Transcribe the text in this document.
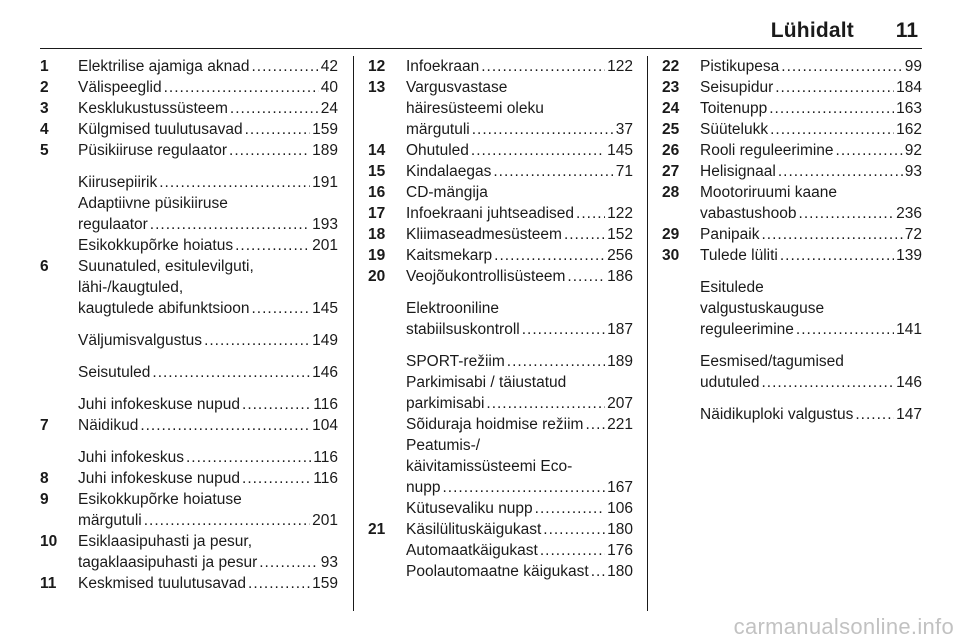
Lühidalt 11
1 Elektrilise ajamiga aknad .....	42
2 Välispeeglid .....	40
3 Kesklukustussüsteem .....	24
4 Külgmised tuulutusavad .....	159
5 Püsikiiruse regulaator .....	189
Kiirusepiirik .....	191
Adaptiivne püsikiiruse
regulaator .....	193
Esikokkupõrke hoiatus .....	201
6 Suunatuled, esitulevilguti,
lähi-/kaugtuled,
kaugtulede abifunktsioon .....	145
Väljumisvalgustus .....	149
Seisutuled .....	146
Juhi infokeskuse nupud .....	116
7 Näidikud .....	104
Juhi infokeskus .....	116
8 Juhi infokeskuse nupud .....	116
9 Esikokkupõrke hoiatuse
märgutuli .....	201
10 Esiklaasipuhasti ja pesur,
tagaklaasipuhasti ja pesur .....	93
11 Keskmised tuulutusavad .....	159
12 Infoekraan .....	122
13 Vargusvastase
häiresüsteemi oleku
märgutuli .....	37
14 Ohutuled .....	145
15 Kindalaegas .....	71
16 CD-mängija
17 Infoekraani juhtseadised ..... 122
18 Kliimaseadmesüsteem .....	152
19 Kaitsmekarp .....	256
20 Veojõukontrollisüsteem .....	186
Elektrooniline
stabiilsuskontroll .....	187
SPORT-režiim .....	189
Parkimisabi / täiustatud
parkimisabi .....	207
Sõiduraja hoidmise režiim ..... 221
Peatumis-/
käivitamissüsteemi Eco-
nupp .....	167
Kütusevaliku nupp .....	106
21 Käsilülituskäigukast .....	180
Automaatkäigukast .....	176
Poolautomaatne käigukast ..... 180
22 Pistikupesa .....	99
23 Seisupidur .....	184
24 Toitenupp .....	163
25 Süütelukk .....	162
26 Rooli reguleerimine .....	92
27 Helisignaal .....	93
28 Mootoriruumi kaane
vabastushoob .....	236
29 Panipaik .....	72
30 Tulede lüliti .....	139
Esitulede
valgustuskauguse
reguleerimine .....	141
Eesmised/tagumised
udutuled .....	146
Näidikuploki valgustus .....	147
carmanualsonline.info
